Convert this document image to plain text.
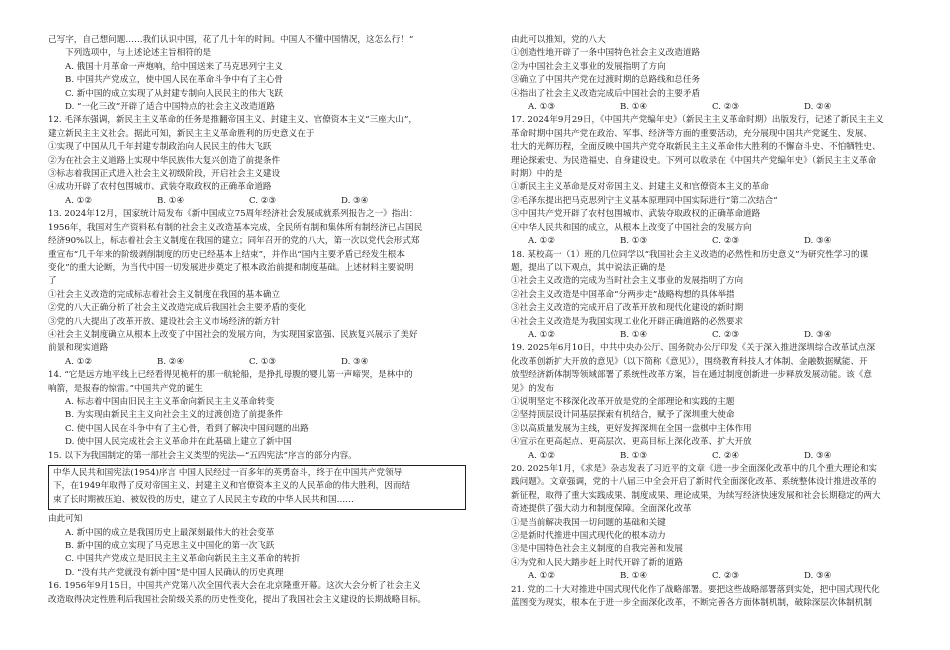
己写字，自己想问题……我们认识中国，花了几十年的时间。中国人不懂中国情况，这怎么行！”
下列选项中，与上述论述主旨相符的是
A. 俄国十月革命一声炮响，给中国送来了马克思列宁主义
B. 中国共产党成立，使中国人民在革命斗争中有了主心骨
C. 新中国的成立实现了从封建专制向人民民主的伟大飞跃
D. “一化三改”开辟了适合中国特点的社会主义改造道路
12. 毛泽东强调，新民主主义革命的任务是推翻帝国主义、封建主义、官僚资本主义“三座大山”，
建立新民主主义社会。据此可知，新民主主义革命胜利的历史意义在于
①实现了中国从几千年封建专制政治向人民民主的伟大飞跃
②为在社会主义道路上实现中华民族伟大复兴创造了前提条件
③标志着我国正式进入社会主义初级阶段，开启社会主义建设
④成功开辟了农村包围城市、武装夺取政权的正确革命道路
A. ①②	B. ①④	C. ②③	D. ③④
13. 2024年12月，国家统计局发布《新中国成立75周年经济社会发展成就系列报告之一》指出：
1956年，我国对生产资料私有制的社会主义改造基本完成，全民所有制和集体所有制经济已占国民
经济90%以上，标志着社会主义制度在我国的建立；同年召开的党的八大，第一次以党代会形式郑
重宣布“几千年来的阶级剥削制度的历史已经基本上结束”，并作出“国内主要矛盾已经发生根本
变化”的重大论断，为当代中国一切发展进步奠定了根本政治前提和制度基础。上述材料主要说明
了
①社会主义改造的完成标志着社会主义制度在我国的基本确立
②党的八大正确分析了社会主义改造完成后我国社会主要矛盾的变化
③党的八大提出了改革开放、建设社会主义市场经济的新方针
④社会主义制度确立从根本上改变了中国社会的发展方向，为实现国家富强、民族复兴展示了美好
前景和现实道路
A. ①②	B. ②④	C. ①③	D. ③④
14. “它是远方地平线上已经看得见桅杆的那一航轮船，是挣扎母腹的婴儿第一声啼哭，是林中的
响箭，是报春的惊雷。”中国共产党的诞生
A. 标志着中国由旧民主主义革命向新民主主义革命转变
B. 为实现由新民主主义向社会主义的过渡创造了前提条件
C. 使中国人民在斗争中有了主心骨，看到了解决中国问题的出路
D. 使中国人民完成社会主义革命并在此基础上建立了新中国
15. 以下为我国制定的第一部社会主义类型的宪法—“五四宪法”序言的部分内容。
中华人民共和国宪法(1954)序言 中国人民经过一百多年的英勇奋斗，终于在中国共产党领导
下，在1949年取得了反对帝国主义、封建主义和官僚资本主义的人民革命的伟大胜利，因而结
束了长时期被压迫、被奴役的历史，建立了人民民主专政的中华人民共和国……
由此可知
A. 新中国的成立是我国历史上最深刻最伟大的社会变革
B. 新中国的成立实现了马克思主义中国化的第一次飞跃
C. 中国共产党成立是旧民主主义革命向新民主主义革命的转折
D. “没有共产党就没有新中国”是中国人民确认的历史真理
16. 1956年9月15日，中国共产党第八次全国代表大会在北京隆重开幕。这次大会分析了社会主义
改造取得决定性胜利后我国社会阶级关系的历史性变化，提出了我国社会主义建设的长期战略目标。
由此可以推知，党的八大
①创造性地开辟了一条中国特色社会主义改造道路
②为中国社会主义事业的发展指明了方向
③确立了中国共产党在过渡时期的总路线和总任务
④指出了社会主义改造完成后中国社会的主要矛盾
A. ①③	B. ①④	C. ②③	D. ②④
17. 2024年9月29日，《中国共产党编年史》（新民主主义革命时期）出版发行，记述了新民主主义
革命时期中国共产党在政治、军事、经济等方面的重要活动，充分展现中国共产党诞生、发展、
壮大的光辉历程，全面反映中国共产党夺取新民主主义革命伟大胜利的不懈奋斗史、不怕牺牲史、
理论探索史、为民造福史、自身建设史。下列可以收录在《中国共产党编年史》（新民主主义革命
时期）中的是
①新民主主义革命是反对帝国主义、封建主义和官僚资本主义的革命
②毛泽东提出把马克思列宁主义基本原理同中国实际进行“第二次结合”
③中国共产党开辟了农村包围城市、武装夺取政权的正确革命道路
④中华人民共和国的成立，从根本上改变了中国社会的发展方向
A. ①②	B. ①③	C. ②③	D. ③④
18. 某校高一（1）班的几位同学以“我国社会主义改造的必然性和历史意义”为研究性学习的课
题，提出了以下观点，其中说法正确的是
①社会主义改造的完成为当时社会主义事业的发展指明了方向
②社会主义改造是中国革命“分两步走”战略构想的具体举措
③社会主义改造的完成开启了改革开放和现代化建设的新时期
④社会主义改造是为我国实现工业化开辟正确道路的必然要求
A. ①②	B. ①④	C. ②③	D. ③④
19. 2025年6月10日，中共中央办公厅、国务院办公厅印发《关于深入推进深圳综合改革试点深
化改革创新扩大开放的意见》（以下简称《意见》），围绕教育科技人才体制、金融数据赋能、开
放型经济新体制等领域部署了系统性改革方案，旨在通过制度创新进一步释放发展动能。该《意
见》的发布
①说明坚定不移深化改革开放是党的全部理论和实践的主题
②坚持顶层设计同基层探索有机结合，赋予了深圳重大使命
③以高质量发展为主线，更好发挥深圳在全国一盘棋中主体作用
④宣示在更高起点、更高层次、更高目标上深化改革、扩大开放
A. ①②	B. ①③	C. ②④	D. ③④
20. 2025年1月，《求是》杂志发表了习近平的文章《进一步全面深化改革中的几个重大理论和实
践问题》。文章强调，党的十八届三中全会开启了新时代全面深化改革、系统整体设计推进改革的
新征程，取得了重大实践成果、制度成果、理论成果，为续写经济快速发展和社会长期稳定的两大
奇迹提供了强大动力和制度保障。全面深化改革
①是当前解决我国一切问题的基础和关键
②是新时代推进中国式现代化的根本动力
③是中国特色社会主义制度的自我完善和发展
④为党和人民大踏步赶上时代开辟了新的道路
A. ①②	B. ①④	C. ②③	D. ③④
21. 党的二十大对推进中国式现代化作了战略部署。要把这些战略部署落到实处，把中国式现代化
蓝图变为现实，根本在于进一步全面深化改革，不断完善各方面体制机制，破除深层次体制机制
